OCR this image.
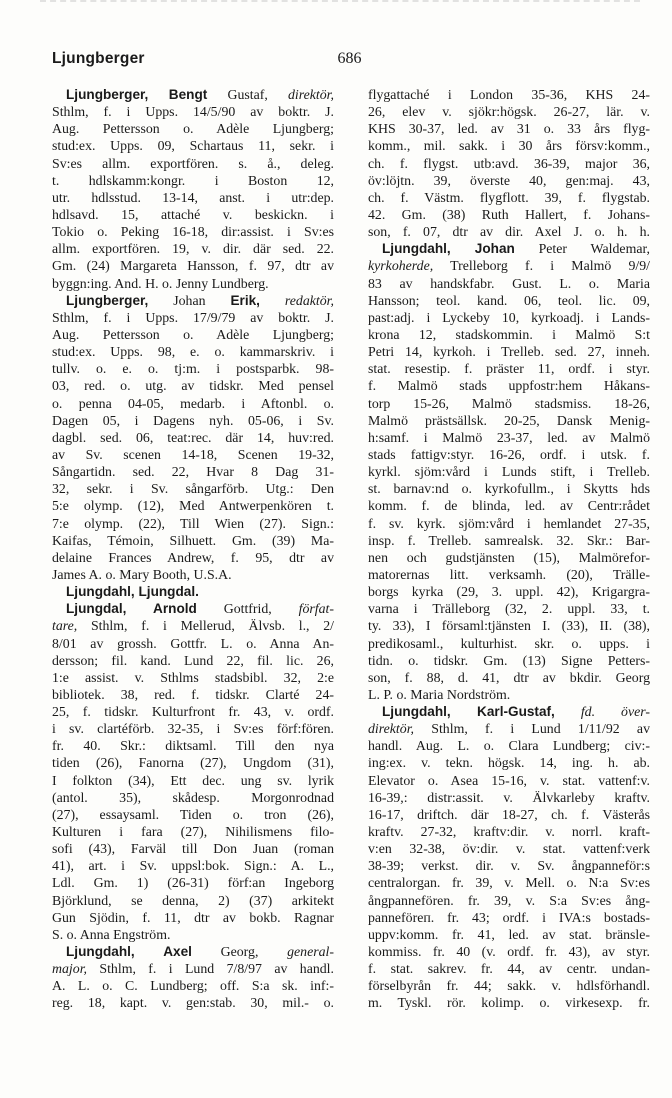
Ljungberger	686
Ljungberger, Bengt Gustaf, direktör,
Sthlm, f. i Upps. 14/5/90 av boktr. J.
Aug. Pettersson o. Adèle Ljungberg;
stud:ex. Upps. 09, Schartaus 11, sekr. i
Sv:es allm. exportfören. s. å., deleg.
t. hdlskamm:kongr. i Boston 12,
utr. hdlsstud. 13-14, anst. i utr:dep.
hdlsavd. 15, attaché v. beskickn. i
Tokio o. Peking 16-18, dir:assist. i Sv:es
allm. exportfören. 19, v. dir. där sed. 22.
Gm. (24) Margareta Hansson, f. 97, dtr av
byggn:ing. And. H. o. Jenny Lundberg.
Ljungberger, Johan Erik, redaktör,
Sthlm, f. i Upps. 17/9/79 av boktr. J.
Aug. Pettersson o. Adèle Ljungberg;
stud:ex. Upps. 98, e. o. kammarskriv. i
tullv. o. e. o. tj:m. i postsparbk. 98-
03, red. o. utg. av tidskr. Med pensel
o. penna 04-05, medarb. i Aftonbl. o.
Dagen 05, i Dagens nyh. 05-06, i Sv.
dagbl. sed. 06, teat:rec. där 14, huv:red.
av Sv. scenen 14-18, Scenen 19-32,
Sångartidn. sed. 22, Hvar 8 Dag 31-
32, sekr. i Sv. sångarförb. Utg.: Den
5:e olymp. (12), Med Antwerpenkören t.
7:e olymp. (22), Till Wien (27). Sign.:
Kaifas, Témoin, Silhuett. Gm. (39) Ma-
delaine Frances Andrew, f. 95, dtr av
James A. o. Mary Booth, U.S.A.
Ljungdahl, Ljungdal.
Ljungdal, Arnold Gottfrid, förfat-
tare, Sthlm, f. i Mellerud, Älvsb. l., 2/
8/01 av grossh. Gottfr. L. o. Anna An-
dersson; fil. kand. Lund 22, fil. lic. 26,
1:e assist. v. Sthlms stadsbibl. 32, 2:e
bibliotek. 38, red. f. tidskr. Clarté 24-
25, f. tidskr. Kulturfront fr. 43, v. ordf.
i sv. clartéförb. 32-35, i Sv:es förf:fören.
fr. 40. Skr.: diktsaml. Till den nya
tiden (26), Fanorna (27), Ungdom (31),
I folkton (34), Ett dec. ung sv. lyrik
(antol. 35), skådesp. Morgonrodnad
(27), essaysaml. Tiden o. tron (26),
Kulturen i fara (27), Nihilismens filo-
sofi (43), Farväl till Don Juan (roman
41), art. i Sv. uppsl:bok. Sign.: A. L.,
Ldl. Gm. 1) (26-31) förf:an Ingeborg
Björklund, se denna, 2) (37) arkitekt
Gun Sjödin, f. 11, dtr av bokb. Ragnar
S. o. Anna Engström.
Ljungdahl, Axel Georg, general-
major, Sthlm, f. i Lund 7/8/97 av handl.
A. L. o. C. Lundberg; off. S:a sk. inf:-
reg. 18, kapt. v. gen:stab. 30, mil.- o.
flygattaché i London 35-36, KHS 24-
26, elev v. sjökr:högsk. 26-27, lär. v.
KHS 30-37, led. av 31 o. 33 års flyg-
komm., mil. sakk. i 30 års försv:komm.,
ch. f. flygst. utb:avd. 36-39, major 36,
öv:löjtn. 39, överste 40, gen:maj. 43,
ch. f. Västm. flygflott. 39, f. flygstab.
42. Gm. (38) Ruth Hallert, f. Johans-
son, f. 07, dtr av dir. Axel J. o. h. h.
Ljungdahl, Johan Peter Waldemar,
kyrkoherde, Trelleborg f. i Malmö 9/9/
83 av handskfabr. Gust. L. o. Maria
Hansson; teol. kand. 06, teol. lic. 09,
past:adj. i Lyckeby 10, kyrkoadj. i Lands-
krona 12, stadskommin. i Malmö S:t
Petri 14, kyrkoh. i Trelleb. sed. 27, inneh.
stat. resestip. f. präster 11, ordf. i styr.
f. Malmö stads uppfostr:hem Håkans-
torp 15-26, Malmö stadsmiss. 18-26,
Malmö prästsällsk. 20-25, Dansk Menig-
h:samf. i Malmö 23-37, led. av Malmö
stads fattigv:styr. 16-26, ordf. i utsk. f.
kyrkl. sjöm:vård i Lunds stift, i Trelleb.
st. barnav:nd o. kyrkofullm., i Skytts hds
komm. f. de blinda, led. av Centr:rådet
f. sv. kyrk. sjöm:vård i hemlandet 27-35,
insp. f. Trelleb. samrealsk. 32. Skr.: Bar-
nen och gudstjänsten (15), Malmörefor-
matorernas litt. verksamh. (20), Trälle-
borgs kyrka (29, 3. uppl. 42), Krigargra-
varna i Trälleborg (32, 2. uppl. 33, t.
ty. 33), I församl:tjänsten I. (33), II. (38),
predikosaml., kulturhist. skr. o. upps. i
tidn. o. tidskr. Gm. (13) Signe Petters-
son, f. 88, d. 41, dtr av bkdir. Georg
L. P. o. Maria Nordström.
Ljungdahl, Karl-Gustaf, fd. över-
direktör, Sthlm, f. i Lund 1/11/92 av
handl. Aug. L. o. Clara Lundberg; civ:-
ing:ex. v. tekn. högsk. 14, ing. h. ab.
Elevator o. Asea 15-16, v. stat. vattenf:v.
16-39,: distr:assit. v. Älvkarleby kraftv.
16-17, driftch. där 18-27, ch. f. Västerås
kraftv. 27-32, kraftv:dir. v. norrl. kraft-
v:en 32-38, öv:dir. v. stat. vattenf:verk
38-39; verkst. dir. v. Sv. ångpanneför:s
centralorgan. fr. 39, v. Mell. o. N:a Sv:es
ångpannefören. fr. 39, v. S:a Sv:es ång-
panneföreп. fr. 43; ordf. i IVA:s bostads-
uppv:komm. fr. 41, led. av stat. bränsle-
kommiss. fr. 40 (v. ordf. fr. 43), av styr.
f. stat. sakrev. fr. 44, av centr. undan-
förselbyrån fr. 44; sakk. v. hdlsförhandl.
m. Tyskl. rör. kolimp. o. virkesexp. fr.
